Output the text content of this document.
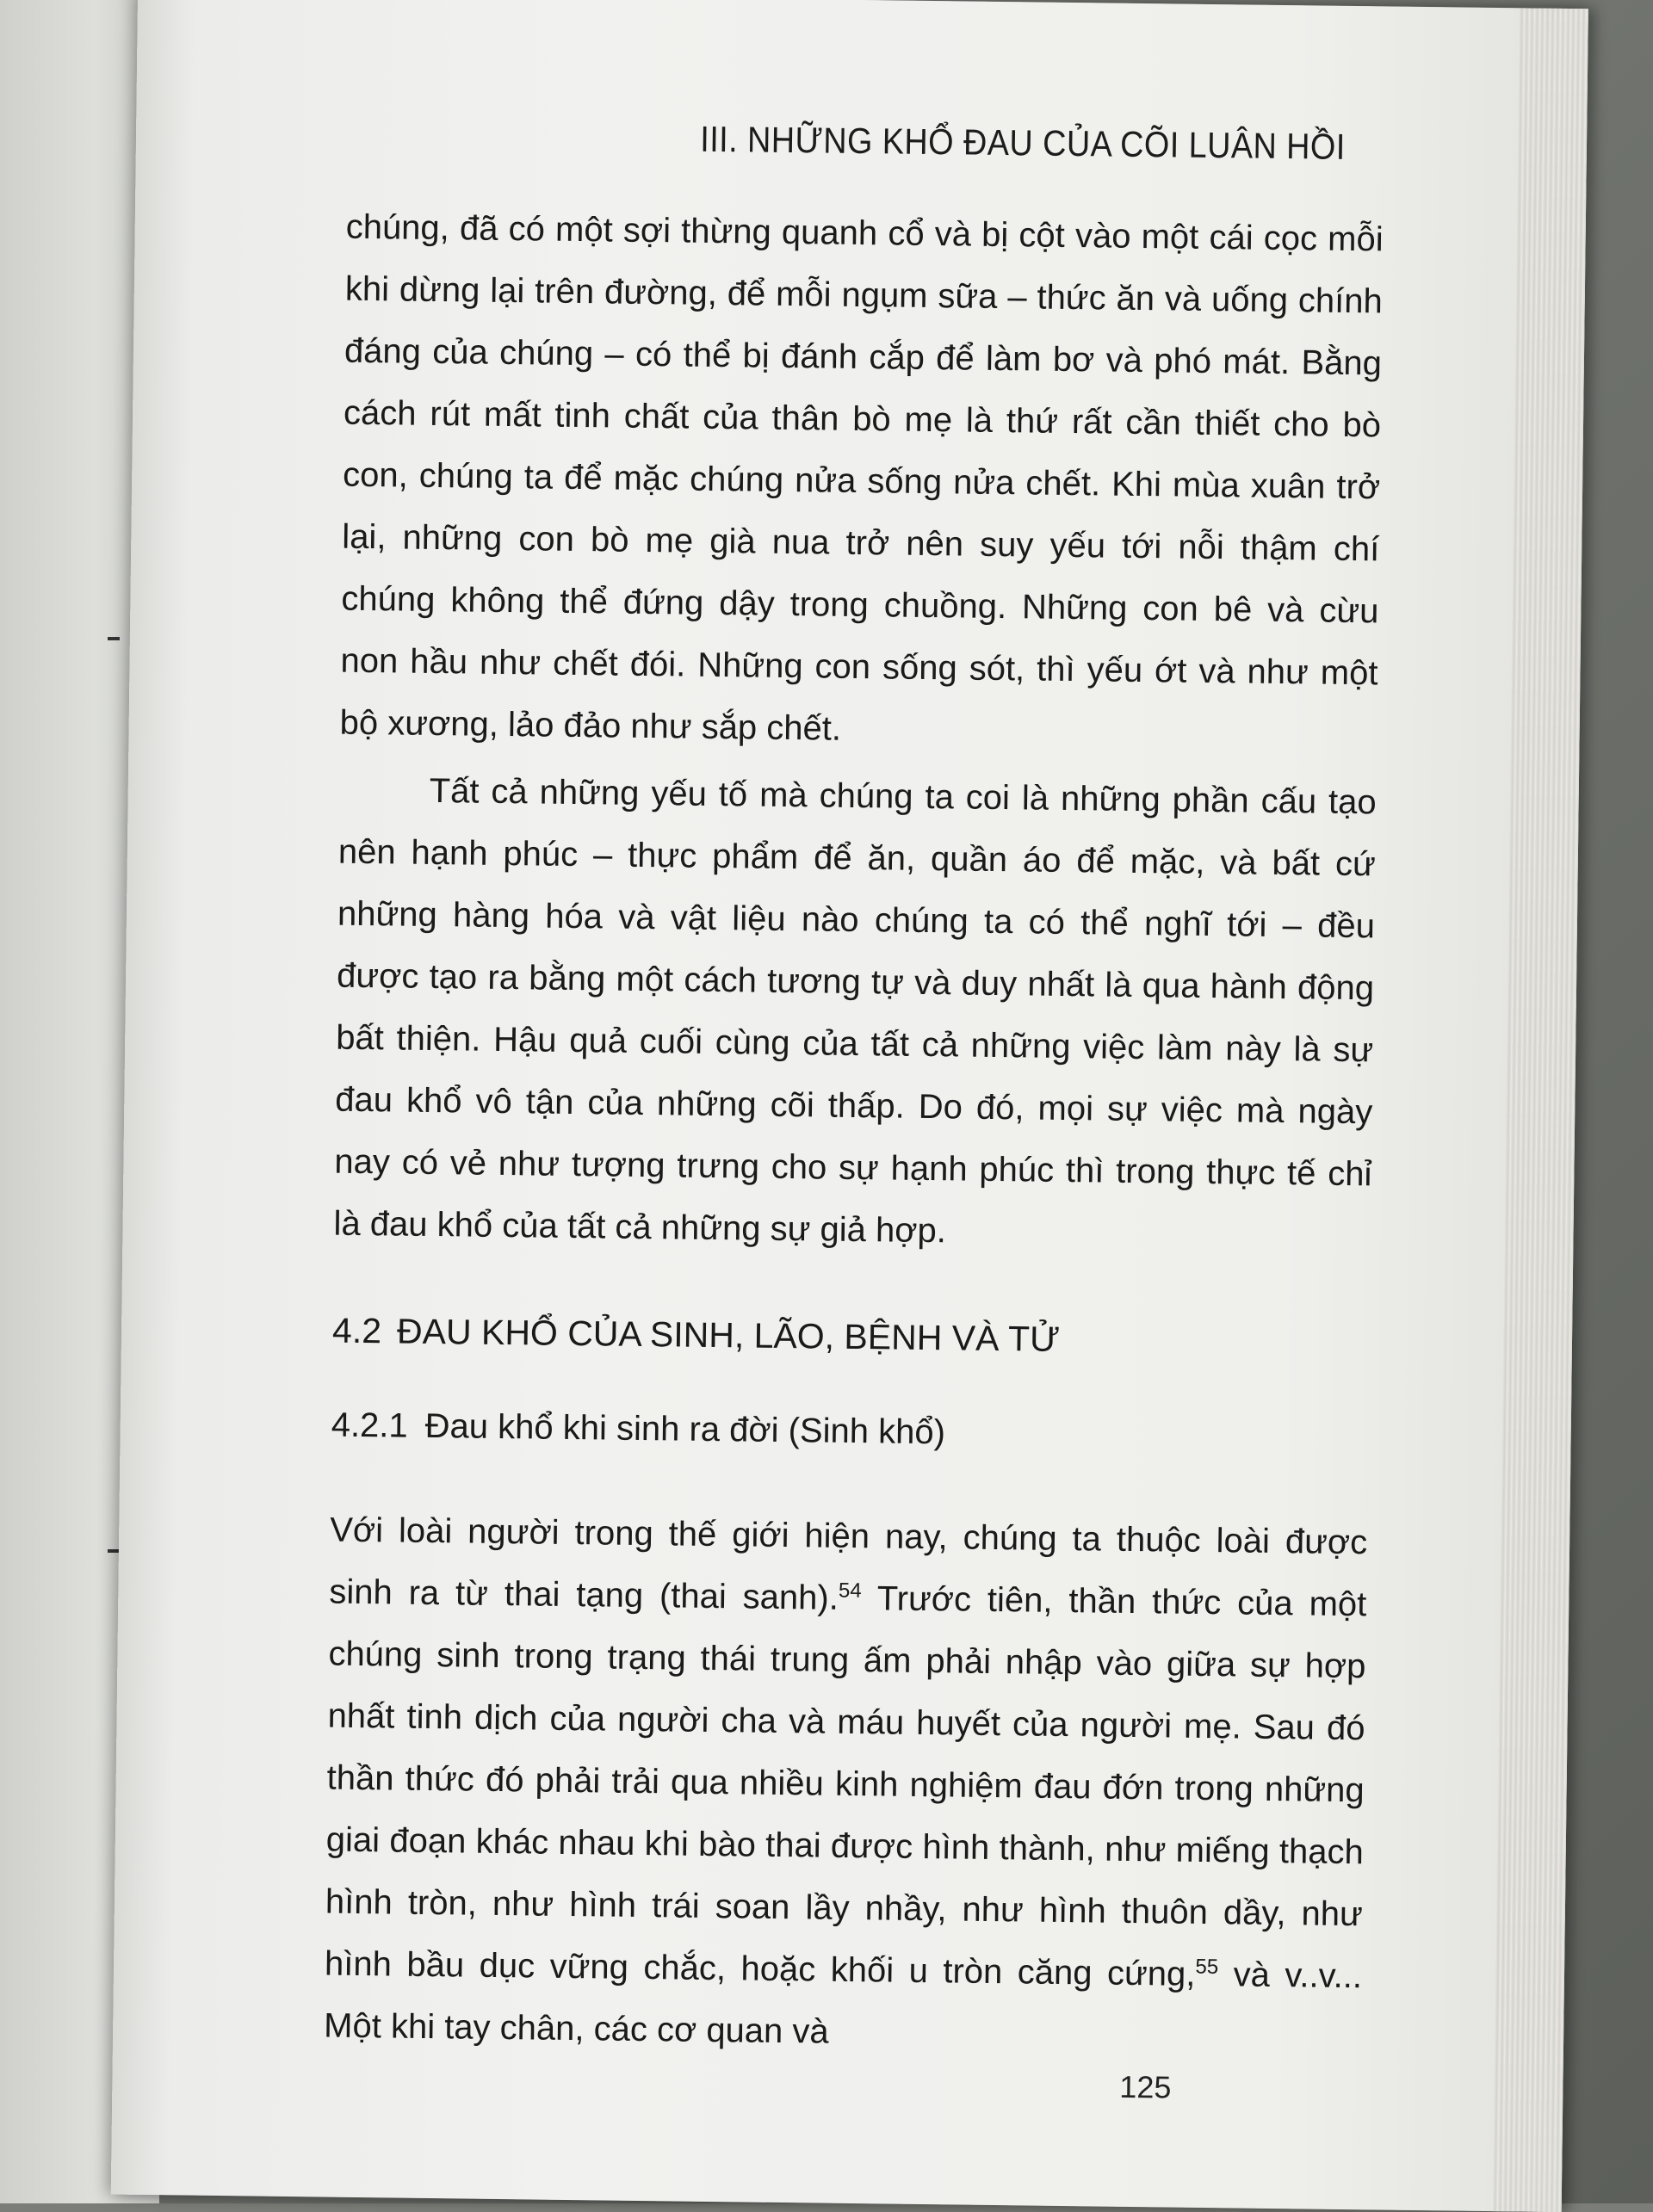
III. NHỮNG KHỔ ĐAU CỦA CÕI LUÂN HỒI

chúng, đã có một sợi thừng quanh cổ và bị cột vào một cái cọc mỗi khi dừng lại trên đường, để mỗi ngụm sữa – thức ăn và uống chính đáng của chúng – có thể bị đánh cắp để làm bơ và phó mát. Bằng cách rút mất tinh chất của thân bò mẹ là thứ rất cần thiết cho bò con, chúng ta để mặc chúng nửa sống nửa chết. Khi mùa xuân trở lại, những con bò mẹ già nua trở nên suy yếu tới nỗi thậm chí chúng không thể đứng dậy trong chuồng. Những con bê và cừu non hầu như chết đói. Những con sống sót, thì yếu ớt và như một bộ xương, lảo đảo như sắp chết.

Tất cả những yếu tố mà chúng ta coi là những phần cấu tạo nên hạnh phúc – thực phẩm để ăn, quần áo để mặc, và bất cứ những hàng hóa và vật liệu nào chúng ta có thể nghĩ tới – đều được tạo ra bằng một cách tương tự và duy nhất là qua hành động bất thiện. Hậu quả cuối cùng của tất cả những việc làm này là sự đau khổ vô tận của những cõi thấp. Do đó, mọi sự việc mà ngày nay có vẻ như tượng trưng cho sự hạnh phúc thì trong thực tế chỉ là đau khổ của tất cả những sự giả hợp.

4.2 ĐAU KHỔ CỦA SINH, LÃO, BỆNH VÀ TỬ

4.2.1 Đau khổ khi sinh ra đời (Sinh khổ)

Với loài người trong thế giới hiện nay, chúng ta thuộc loài được sinh ra từ thai tạng (thai sanh).$^{54}$ Trước tiên, thần thức của một chúng sinh trong trạng thái trung ấm phải nhập vào giữa sự hợp nhất tinh dịch của người cha và máu huyết của người mẹ. Sau đó thần thức đó phải trải qua nhiều kinh nghiệm đau đớn trong những giai đoạn khác nhau khi bào thai được hình thành, như miếng thạch hình tròn, như hình trái soan lầy nhầy, như hình thuôn dầy, như hình bầu dục vững chắc, hoặc khối u tròn căng cứng,$^{55}$ và v..v... Một khi tay chân, các cơ quan và

125
